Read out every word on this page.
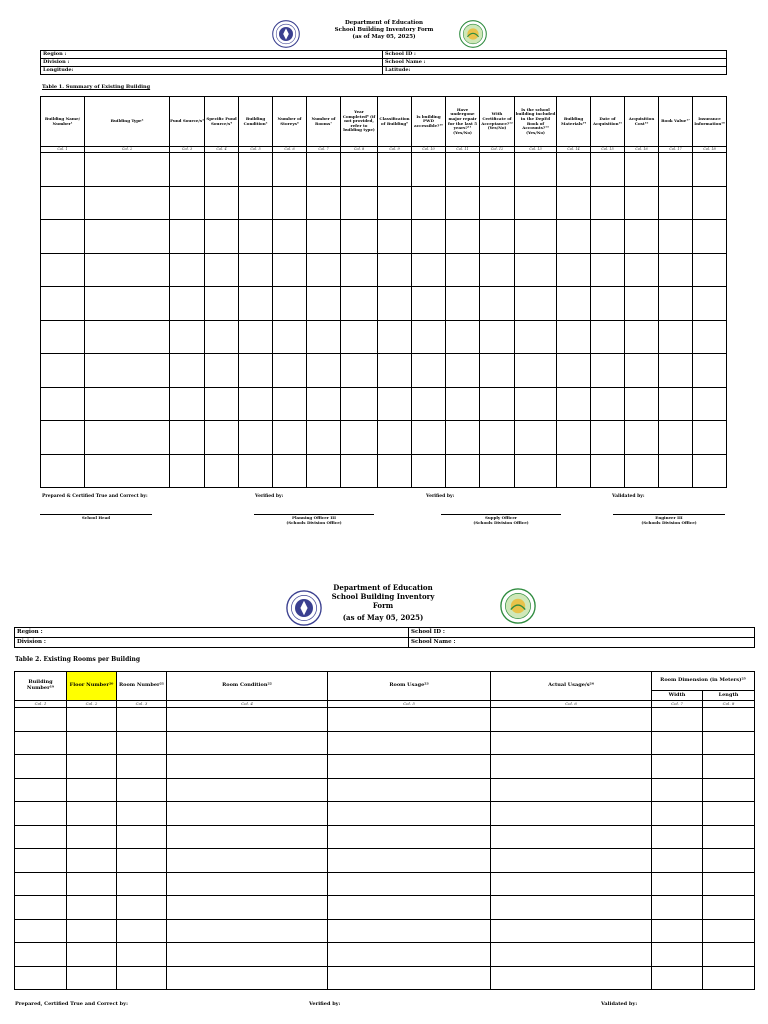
Department of Education
School Building Inventory Form
(as of May 05, 2025)
Region :	School ID :
Division :	School Name :
Longitude:	Latitude:
Table 1. Summary of Existing Building
Building Name/ Number¹	Building Type²	Fund Source/s³	Specific Fund Source/s⁴	Building Condition⁵	Number of Storeys⁶	Number of Rooms⁷	Year Completed⁸ (if not provided, refer to building type)	Classification of Building⁹	Is building PWD accessible?¹⁰	Have undergone major repair for the last 5 years?¹¹ (Yes/No)	With Certificate of Acceptance?¹² (Yes/No)	Is the school building included in the DepEd Book of Accounts?¹³ (Yes/No)	Building Materials¹⁴	Date of Acquisition¹⁵	Acquisition Cost¹⁶	Book Value¹⁷	Insurance Information¹⁸
Col. 1	Col. 2	Col. 3	Col. 4	Col. 5	Col. 6	Col. 7	Col. 8	Col. 9	Col. 10	Col. 11	Col. 12	Col. 13	Col. 14	Col. 15	Col. 16	Col. 17	Col. 18

Prepared & Certified True and Correct by:	Verified by:	Verified by:	Validated by:
School Head	Planning Officer III
(Schools Division Office)
Supply Officer
(Schools Division Office)
Engineer III
(Schools Division Office)
Department of Education
School Building Inventory Form
(as of May 05, 2025)
Region :	School ID :
Division :	School Name :
Table 2. Existing Rooms per Building
Building Number¹⁹	Floor Number²⁰	Room Number²¹	Room Condition²²	Room Usage²³	Actual Usage/s²⁴	Room Dimension (in Meters)²⁵	
						Width	Length
Col. 1	Col. 2	Col. 3	Col. 4	Col. 5	Col. 6	Col. 7	Col. 8

Prepared, Certified True and Correct by:	Verified by:	Validated by:
